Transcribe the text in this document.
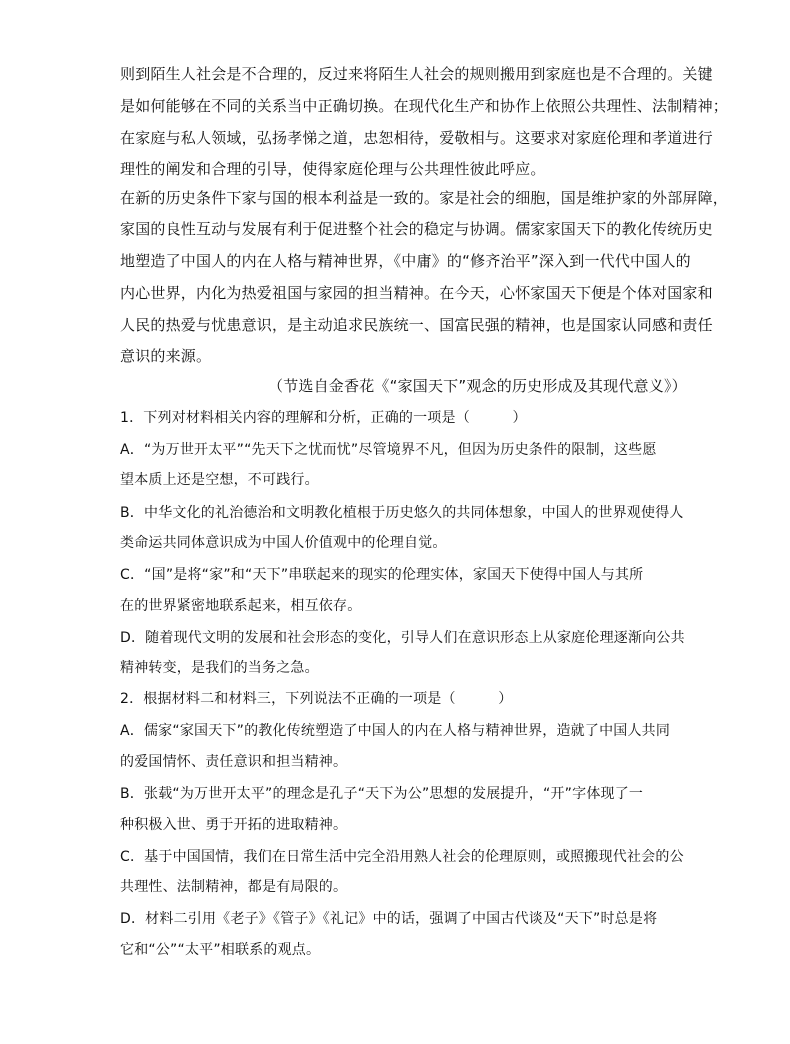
则到陌生人社会是不合理的，反过来将陌生人社会的规则搬用到家庭也是不合理的。关键
是如何能够在不同的关系当中正确切换。在现代化生产和协作上依照公共理性、法制精神；
在家庭与私人领域，弘扬孝悌之道，忠恕相待，爱敬相与。这要求对家庭伦理和孝道进行
理性的阐发和合理的引导，使得家庭伦理与公共理性彼此呼应。
在新的历史条件下家与国的根本利益是一致的。家是社会的细胞，国是维护家的外部屏障，
家国的良性互动与发展有利于促进整个社会的稳定与协调。儒家家国天下的教化传统历史
地塑造了中国人的内在人格与精神世界，《中庸》的“修齐治平”深入到一代代中国人的
内心世界，内化为热爱祖国与家园的担当精神。在今天，心怀家国天下便是个体对国家和
人民的热爱与忧患意识，是主动追求民族统一、国富民强的精神，也是国家认同感和责任
意识的来源。
（节选自金香花《“家国天下”观念的历史形成及其现代意义》）
1．下列对材料相关内容的理解和分析，正确的一项是（　　　）
A．“为万世开太平”“先天下之忧而忧”尽管境界不凡，但因为历史条件的限制，这些愿
望本质上还是空想，不可践行。
B．中华文化的礼治德治和文明教化植根于历史悠久的共同体想象，中国人的世界观使得人
类命运共同体意识成为中国人价值观中的伦理自觉。
C．“国”是将“家”和“天下”串联起来的现实的伦理实体，家国天下使得中国人与其所
在的世界紧密地联系起来，相互依存。
D．随着现代文明的发展和社会形态的变化，引导人们在意识形态上从家庭伦理逐渐向公共
精神转变，是我们的当务之急。
2．根据材料二和材料三，下列说法不正确的一项是（　　　）
A．儒家“家国天下”的教化传统塑造了中国人的内在人格与精神世界，造就了中国人共同
的爱国情怀、责任意识和担当精神。
B．张载“为万世开太平”的理念是孔子“天下为公”思想的发展提升，“开”字体现了一
种积极入世、勇于开拓的进取精神。
C．基于中国国情，我们在日常生活中完全沿用熟人社会的伦理原则，或照搬现代社会的公
共理性、法制精神，都是有局限的。
D．材料二引用《老子》《管子》《礼记》中的话，强调了中国古代谈及“天下”时总是将
它和“公”“太平”相联系的观点。
